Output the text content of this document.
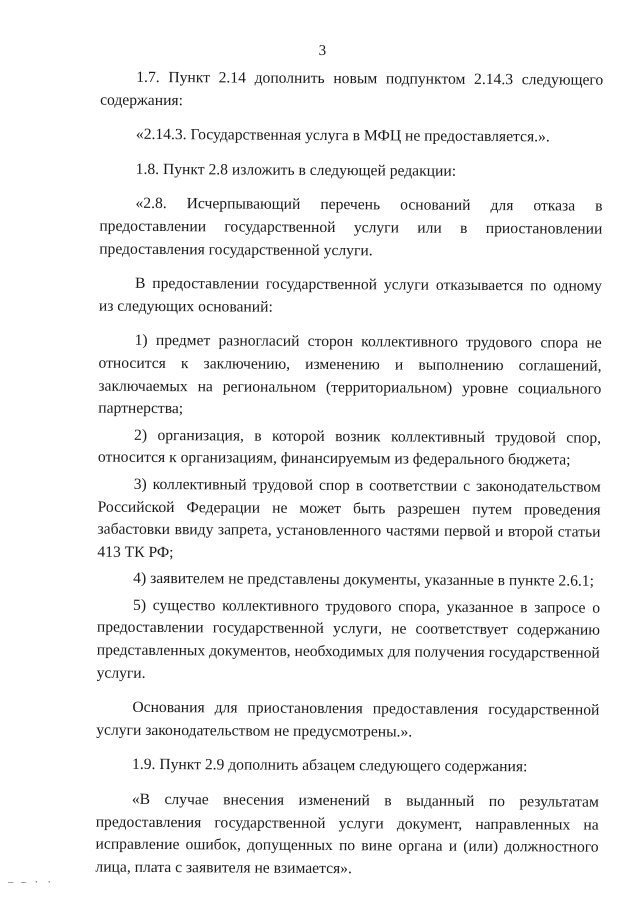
3

1.7. Пункт 2.14 дополнить новым подпунктом 2.14.3 следующего содержания:

«2.14.3. Государственная услуга в МФЦ не предоставляется.».

1.8. Пункт 2.8 изложить в следующей редакции:

«2.8. Исчерпывающий перечень оснований для отказа в предоставлении государственной услуги или в приостановлении предоставления государственной услуги.

В предоставлении государственной услуги отказывается по одному из следующих оснований:

1) предмет разногласий сторон коллективного трудового спора не относится к заключению, изменению и выполнению соглашений, заключаемых на региональном (территориальном) уровне социального партнерства;

2) организация, в которой возник коллективный трудовой спор, относится к организациям, финансируемым из федерального бюджета;

3) коллективный трудовой спор в соответствии с законодательством Российской Федерации не может быть разрешен путем проведения забастовки ввиду запрета, установленного частями первой и второй статьи 413 ТК РФ;

4) заявителем не представлены документы, указанные в пункте 2.6.1;

5) существо коллективного трудового спора, указанное в запросе о предоставлении государственной услуги, не соответствует содержанию представленных документов, необходимых для получения государственной услуги.

Основания для приостановления предоставления государственной услуги законодательством не предусмотрены.».

1.9. Пункт 2.9 дополнить абзацем следующего содержания:

«В случае внесения изменений в выданный по результатам предоставления государственной услуги документ, направленных на исправление ошибок, допущенных по вине органа и (или) должностного лица, плата с заявителя не взимается».

— — · ·
